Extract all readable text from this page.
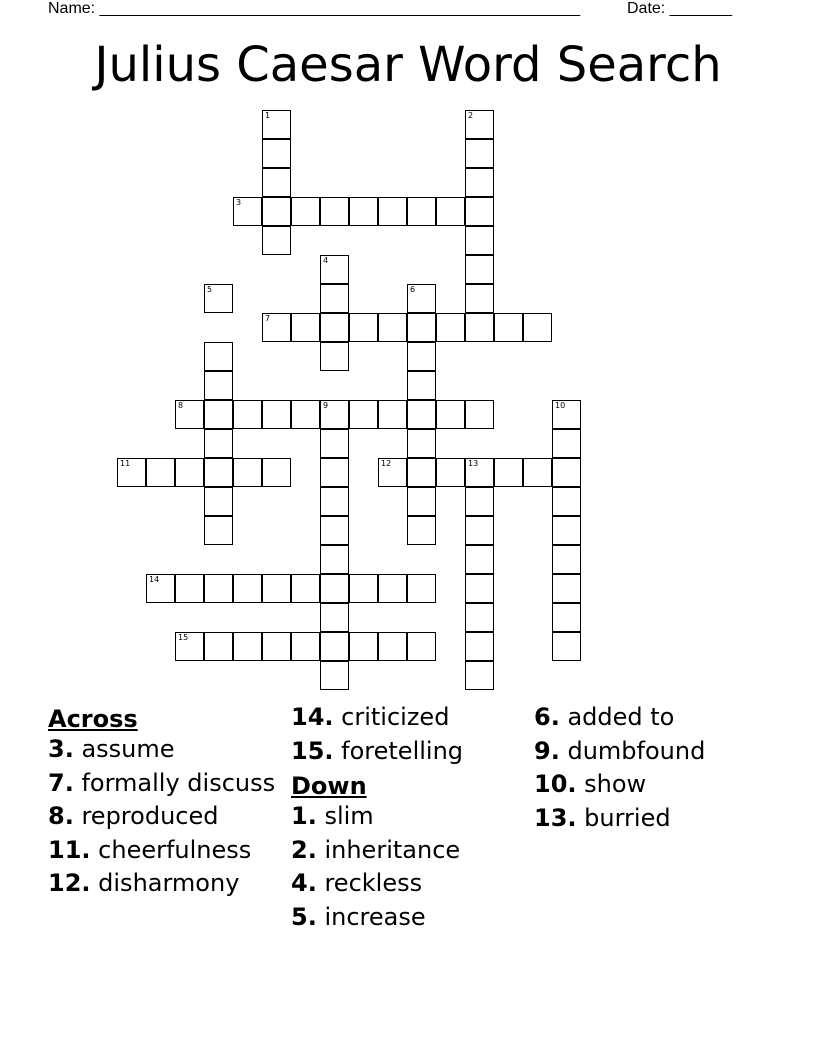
Name: ______________________________________________________	Date: _______
Julius Caesar Word Search
1
3
2
7
4
5	6
8	9	10
11	12	13
14
15
Across
3. assume
7. formally discuss
8. reproduced
11. cheerfulness
12. disharmony
14. criticized
15. foretelling
Down
1. slim
2. inheritance
4. reckless
5. increase
6. added to
9. dumbfound
10. show
13. burried
